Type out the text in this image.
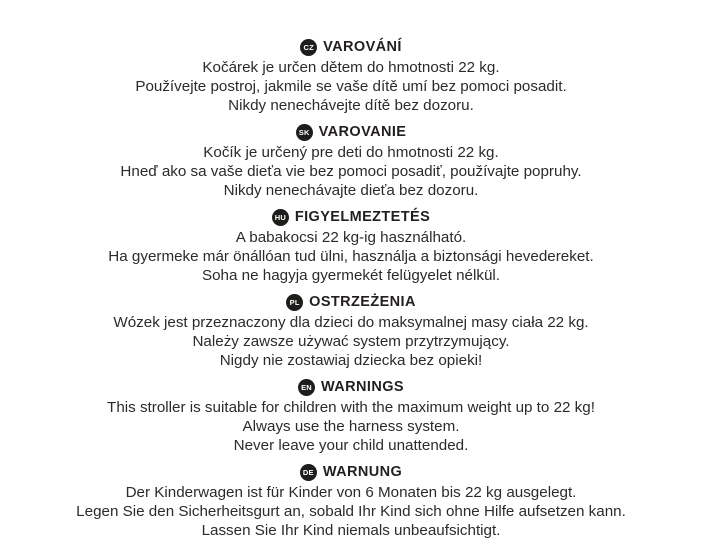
CZ VAROVÁNÍ
Kočárek je určen dětem do hmotnosti 22 kg.
Používejte postroj, jakmile se vaše dítě umí bez pomoci posadit.
Nikdy nenechávejte dítě bez dozoru.
SK VAROVANIE
Kočík je určený pre deti do hmotnosti 22 kg.
Hneď ako sa vaše dieťa vie bez pomoci posadiť, používajte popruhy.
Nikdy nenechávajte dieťa bez dozoru.
HU FIGYELMEZTETÉS
A babakocsi 22 kg-ig használható.
Ha gyermeke már önállóan tud ülni, használja a biztonsági hevedereket.
Soha ne hagyja gyermekét felügyelet nélkül.
PL OSTRZEŻENIA
Wózek jest przeznaczony dla dzieci do maksymalnej masy ciała 22 kg.
Należy zawsze używać system przytrzymujący.
Nigdy nie zostawiaj dziecka bez opieki!
EN WARNINGS
This stroller is suitable for children with the maximum weight up to 22 kg!
Always use the harness system.
Never leave your child unattended.
DE WARNUNG
Der Kinderwagen ist für Kinder von 6 Monaten bis 22 kg ausgelegt.
Legen Sie den Sicherheitsgurt an, sobald Ihr Kind sich ohne Hilfe aufsetzen kann.
Lassen Sie Ihr Kind niemals unbeaufsichtigt.
